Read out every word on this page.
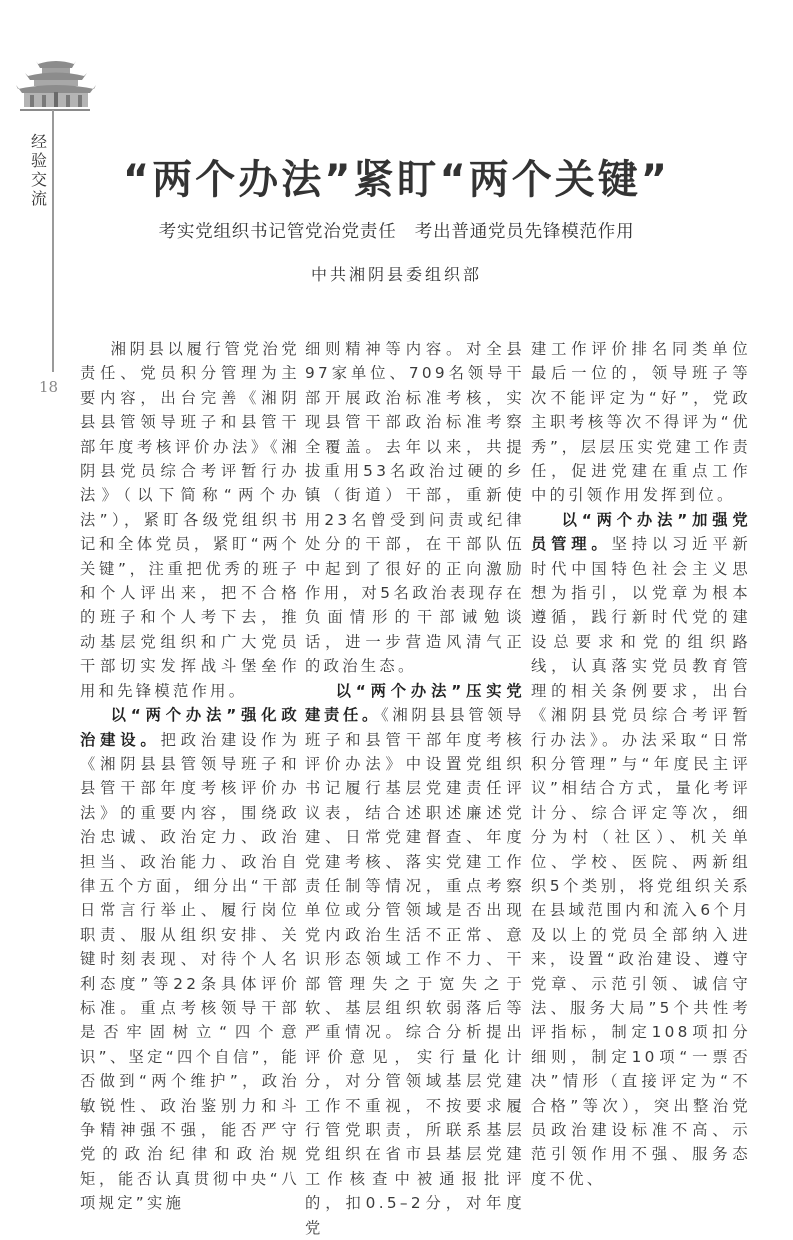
经验交流
18
“两个办法”紧盯“两个关键”
考实党组织书记管党治党责任　考出普通党员先锋模范作用
中共湘阴县委组织部

湘阴县以履行管党治党责任、党员积分管理为主要内容，出台完善《湘阴县县管领导班子和县管干部年度考核评价办法》《湘阴县党员综合考评暂行办法》（以下简称“两个办法”），紧盯各级党组织书记和全体党员，紧盯“两个关键”，注重把优秀的班子和个人评出来，把不合格的班子和个人考下去，推动基层党组织和广大党员干部切实发挥战斗堡垒作用和先锋模范作用。

以“两个办法”强化政治建设。把政治建设作为《湘阴县县管领导班子和县管干部年度考核评价办法》的重要内容，围绕政治忠诚、政治定力、政治担当、政治能力、政治自律五个方面，细分出“干部日常言行举止、履行岗位职责、服从组织安排、关键时刻表现、对待个人名利态度”等22条具体评价标准。重点考核领导干部是否牢固树立“四个意识”、坚定“四个自信”，能否做到“两个维护”，政治敏锐性、政治鉴别力和斗争精神强不强，能否严守党的政治纪律和政治规矩，能否认真贯彻中央“八项规定”实施

细则精神等内容。对全县97家单位、709名领导干部开展政治标准考核，实现县管干部政治标准考察全覆盖。去年以来，共提拔重用53名政治过硬的乡镇（街道）干部，重新使用23名曾受到问责或纪律处分的干部，在干部队伍中起到了很好的正向激励作用，对5名政治表现存在负面情形的干部诫勉谈话，进一步营造风清气正的政治生态。

以“两个办法”压实党建责任。《湘阴县县管领导班子和县管干部年度考核评价办法》中设置党组织书记履行基层党建责任评议表，结合述职述廉述党建、日常党建督查、年度党建考核、落实党建工作责任制等情况，重点考察单位或分管领域是否出现党内政治生活不正常、意识形态领域工作不力、干部管理失之于宽失之于软、基层组织软弱落后等严重情况。综合分析提出评价意见，实行量化计分，对分管领域基层党建工作不重视，不按要求履行管党职责，所联系基层党组织在省市县基层党建工作核查中被通报批评的，扣0.5–2分，对年度党

建工作评价排名同类单位最后一位的，领导班子等次不能评定为“好”，党政主职考核等次不得评为“优秀”，层层压实党建工作责任，促进党建在重点工作中的引领作用发挥到位。

以“两个办法”加强党员管理。坚持以习近平新时代中国特色社会主义思想为指引，以党章为根本遵循，践行新时代党的建设总要求和党的组织路线，认真落实党员教育管理的相关条例要求，出台《湘阴县党员综合考评暂行办法》。办法采取“日常积分管理”与“年度民主评议”相结合方式，量化考评计分、综合评定等次，细分为村（社区）、机关单位、学校、医院、两新组织5个类别，将党组织关系在县域范围内和流入6个月及以上的党员全部纳入进来，设置“政治建设、遵守党章、示范引领、诚信守法、服务大局”5个共性考评指标，制定108项扣分细则，制定10项“一票否决”情形（直接评定为“不合格”等次），突出整治党员政治建设标准不高、示范引领作用不强、服务态度不优、
